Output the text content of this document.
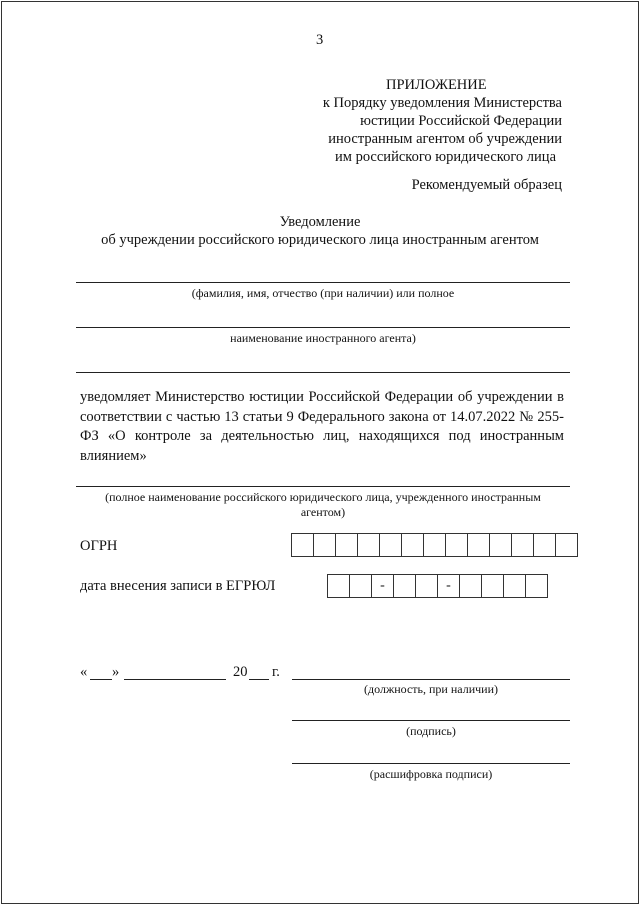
3
ПРИЛОЖЕНИЕ
к Порядку уведомления Министерства
юстиции Российской Федерации
иностранным агентом об учреждении
им российского юридического лица
Рекомендуемый образец
Уведомление
об учреждении российского юридического лица иностранным агентом
(фамилия, имя, отчество (при наличии) или полное
наименование иностранного агента)
уведомляет Министерство юстиции Российской Федерации об учреждении в соответствии с частью 13 статьи 9 Федерального закона от 14.07.2022 № 255-ФЗ «О контроле за деятельностью лиц, находящихся под иностранным влиянием»
(полное наименование российского юридического лица, учрежденного иностранным
агентом)
ОГРН
дата внесения записи в ЕГРЮЛ	-	-
« »	20 г.
(должность, при наличии)
(подпись)
(расшифровка подписи)
